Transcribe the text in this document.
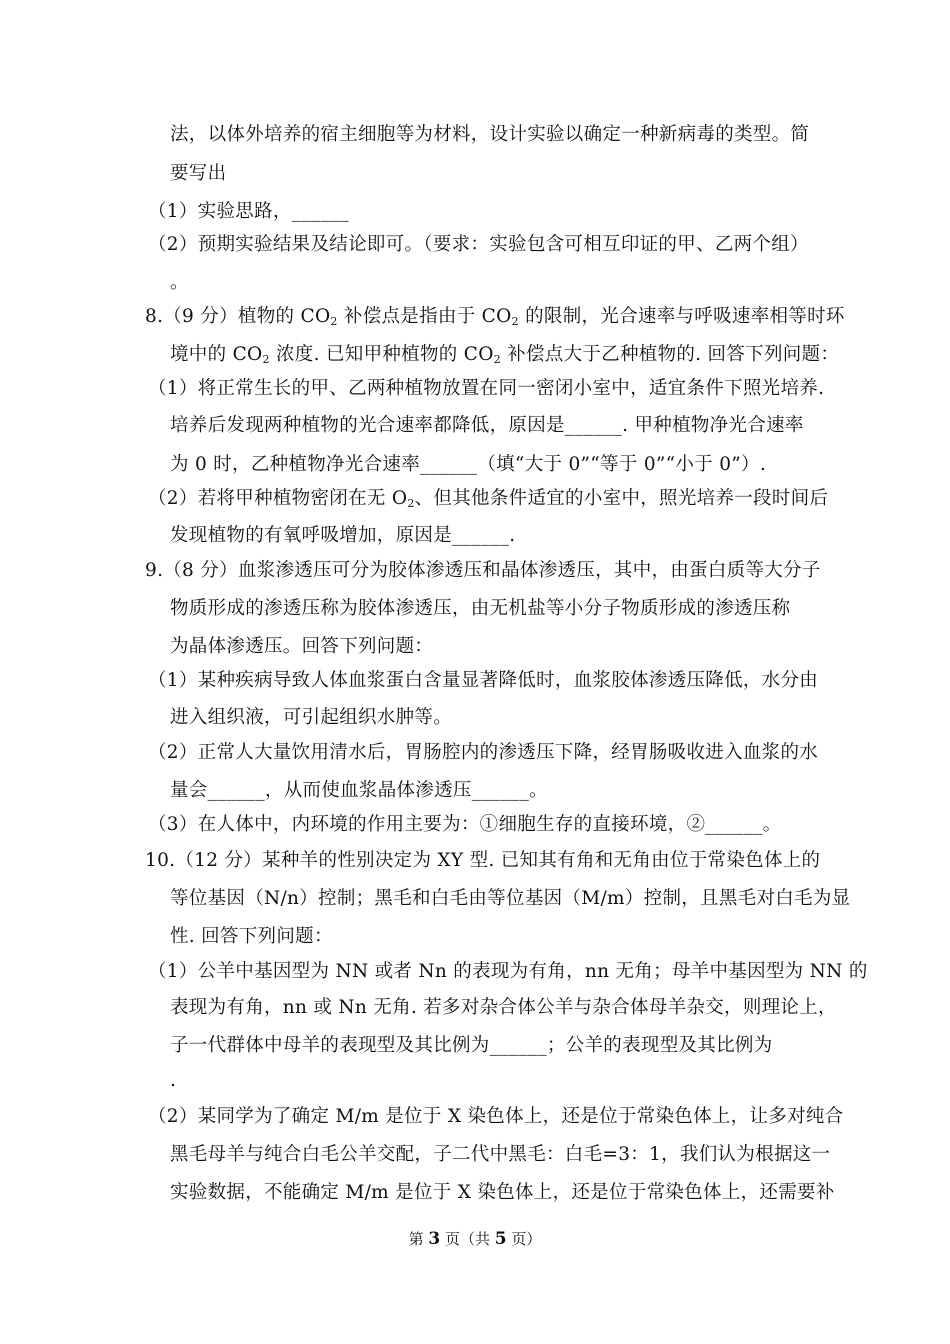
法，以体外培养的宿主细胞等为材料，设计实验以确定一种新病毒的类型。简
要写出
（1）实验思路，______
（2）预期实验结果及结论即可。（要求：实验包含可相互印证的甲、乙两个组）
。
8.（9 分）植物的 $CO_2$ 补偿点是指由于 $CO_2$ 的限制，光合速率与呼吸速率相等时环
境中的 $CO_2$ 浓度. 已知甲种植物的 $CO_2$ 补偿点大于乙种植物的. 回答下列问题：
（1）将正常生长的甲、乙两种植物放置在同一密闭小室中，适宜条件下照光培养.
培养后发现两种植物的光合速率都降低，原因是______. 甲种植物净光合速率
为 0 时，乙种植物净光合速率______（填“大于 0”“等于 0”“小于 0”）.
（2）若将甲种植物密闭在无 $O_2$、但其他条件适宜的小室中，照光培养一段时间后
发现植物的有氧呼吸增加，原因是______.
9.（8 分）血浆渗透压可分为胶体渗透压和晶体渗透压，其中，由蛋白质等大分子
物质形成的渗透压称为胶体渗透压，由无机盐等小分子物质形成的渗透压称
为晶体渗透压。回答下列问题：
（1）某种疾病导致人体血浆蛋白含量显著降低时，血浆胶体渗透压降低，水分由
进入组织液，可引起组织水肿等。
（2）正常人大量饮用清水后，胃肠腔内的渗透压下降，经胃肠吸收进入血浆的水
量会______，从而使血浆晶体渗透压______。
（3）在人体中，内环境的作用主要为：①细胞生存的直接环境，②______。
10.（12 分）某种羊的性别决定为 XY 型. 已知其有角和无角由位于常染色体上的
等位基因（N/n）控制；黑毛和白毛由等位基因（M/m）控制，且黑毛对白毛为显
性. 回答下列问题：
（1）公羊中基因型为 NN 或者 Nn 的表现为有角，nn 无角；母羊中基因型为 NN 的
表现为有角，nn 或 Nn 无角. 若多对杂合体公羊与杂合体母羊杂交，则理论上，
子一代群体中母羊的表现型及其比例为______；公羊的表现型及其比例为
.
（2）某同学为了确定 M/m 是位于 X 染色体上，还是位于常染色体上，让多对纯合
黑毛母羊与纯合白毛公羊交配，子二代中黑毛：白毛=3：1，我们认为根据这一
实验数据，不能确定 M/m 是位于 X 染色体上，还是位于常染色体上，还需要补
第 3 页（共 5 页）
